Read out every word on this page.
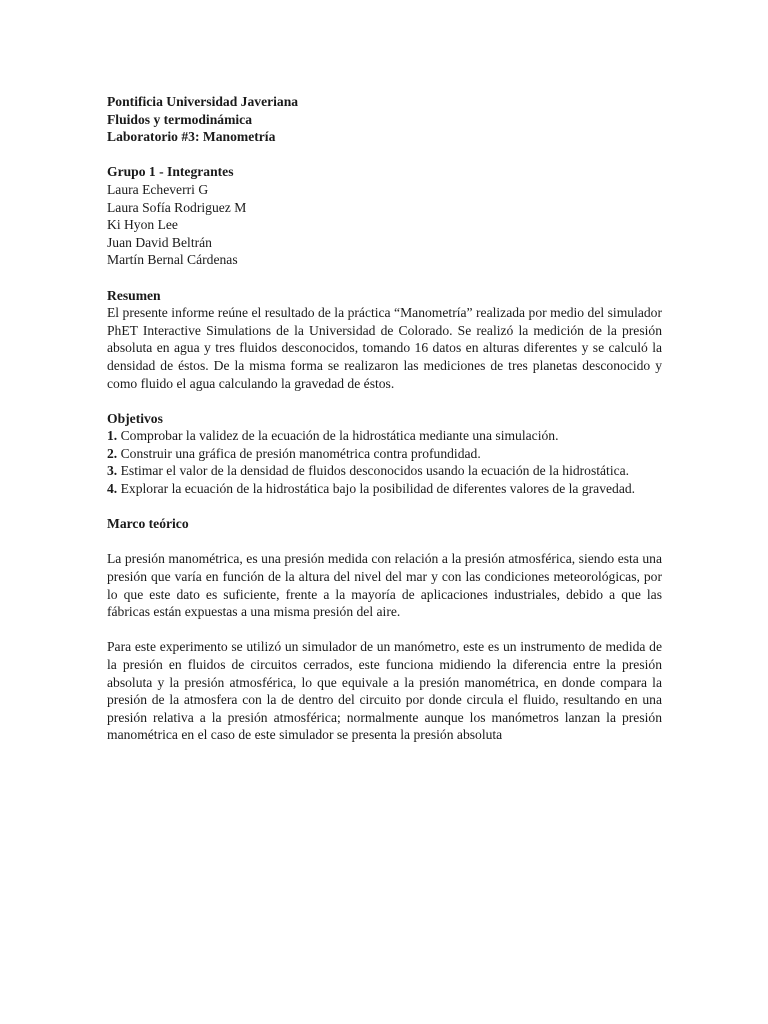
Pontificia Universidad Javeriana
Fluidos y termodinámica
Laboratorio #3: Manometría
Grupo 1 - Integrantes
Laura Echeverri G
Laura Sofía Rodriguez M
Ki Hyon Lee
Juan David Beltrán
Martín Bernal Cárdenas
Resumen

El presente informe reúne el resultado de la práctica “Manometría” realizada por medio del simulador PhET Interactive Simulations de la Universidad de Colorado. Se realizó la medición de la presión absoluta en agua y tres fluidos desconocidos, tomando 16 datos en alturas diferentes y se calculó la densidad de éstos. De la misma forma se realizaron las mediciones de tres planetas desconocido y como fluido el agua calculando la gravedad de éstos.

Objetivos

1. Comprobar la validez de la ecuación de la hidrostática mediante una simulación.

2. Construir una gráfica de presión manométrica contra profundidad.

3. Estimar el valor de la densidad de fluidos desconocidos usando la ecuación de la hidrostática.

4. Explorar la ecuación de la hidrostática bajo la posibilidad de diferentes valores de la gravedad.

Marco teórico

La presión manométrica, es una presión medida con relación a la presión atmosférica, siendo esta una presión que varía en función de la altura del nivel del mar y con las condiciones meteorológicas, por lo que este dato es suficiente, frente a la mayoría de aplicaciones industriales, debido a que las fábricas están expuestas a una misma presión del aire.

Para este experimento se utilizó un simulador de un manómetro, este es un instrumento de medida de la presión en fluidos de circuitos cerrados, este funciona midiendo la diferencia entre la presión absoluta y la presión atmosférica, lo que equivale a la presión manométrica, en donde compara la presión de la atmosfera con la de dentro del circuito por donde circula el fluido, resultando en una presión relativa a la presión atmosférica; normalmente aunque los manómetros lanzan la presión manométrica en el caso de este simulador se presenta la presión absoluta
